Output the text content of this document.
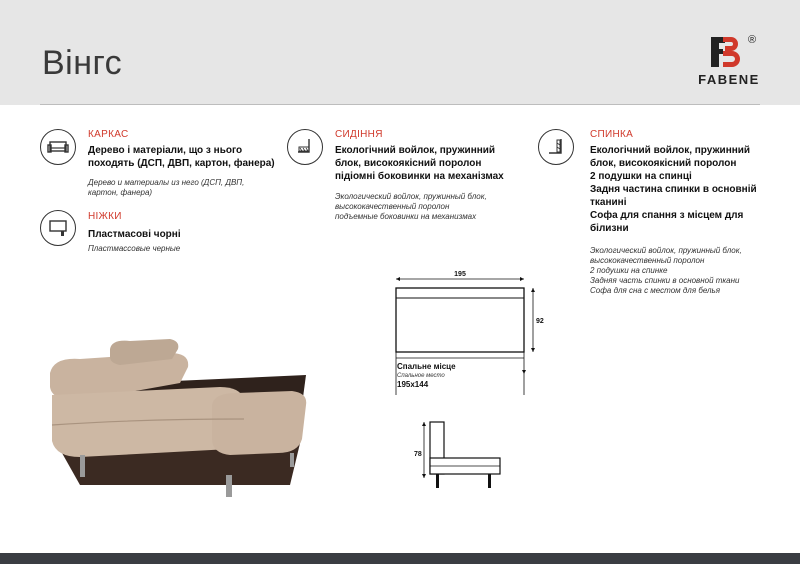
Вінгс
®
FABENE
КАРКАС
Дерево і матеріали, що з нього
походять (ДСП, ДВП, картон, фанера)
Дерево и материалы из него (ДСП, ДВП,
картон, фанера)
НІЖКИ
Пластмасові чорні
Пластмассовые черные
СИДІННЯ
Екологічний войлок, пружинний
блок, високоякісний поролон
підіомні боковинки на механізмах
Экологический войлок, пружинный блок,
высококачественный поролон
подъемные боковинки на механизмах
СПИНКА
Екологічний войлок, пружинний
блок, високоякісний поролон
2 подушки на спинці
Задня частина спинки в основній
тканині
Софа для спання з місцем для
білизни
Экологический войлок, пружинный блок,
высококачественный поролон
2 подушки на спинке
Задняя часть спинки в основной ткани
Софа для сна с местом для белья
195
92
Спальне місце
Спальное место
195х144
78
